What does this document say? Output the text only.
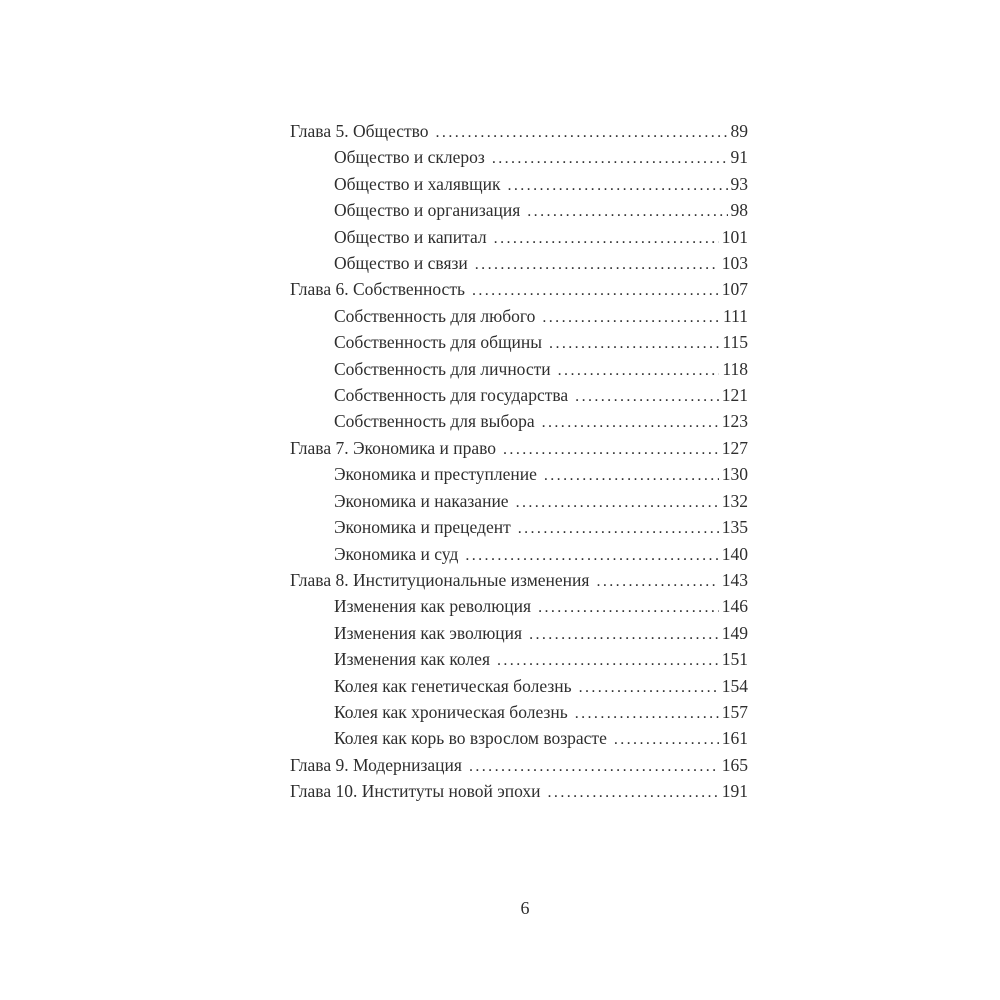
Глава 5. Общество .....	89
Общество и склероз .....	91
Общество и халявщик .....	93
Общество и организация .....	98
Общество и капитал .....	101
Общество и связи .....	103
Глава 6. Собственность .....	107
Собственность для любого .....	111
Собственность для общины .....	115
Собственность для личности .....	118
Собственность для государства .....	121
Собственность для выбора .....	123
Глава 7. Экономика и право .....	127
Экономика и преступление .....	130
Экономика и наказание .....	132
Экономика и прецедент .....	135
Экономика и суд .....	140
Глава 8. Институциональные изменения .....	143
Изменения как революция .....	146
Изменения как эволюция .....	149
Изменения как колея .....	151
Колея как генетическая болезнь .....	154
Колея как хроническая болезнь .....	157
Колея как корь во взрослом возрасте .....	161
Глава 9. Модернизация .....	165
Глава 10. Институты новой эпохи .....	191
6
